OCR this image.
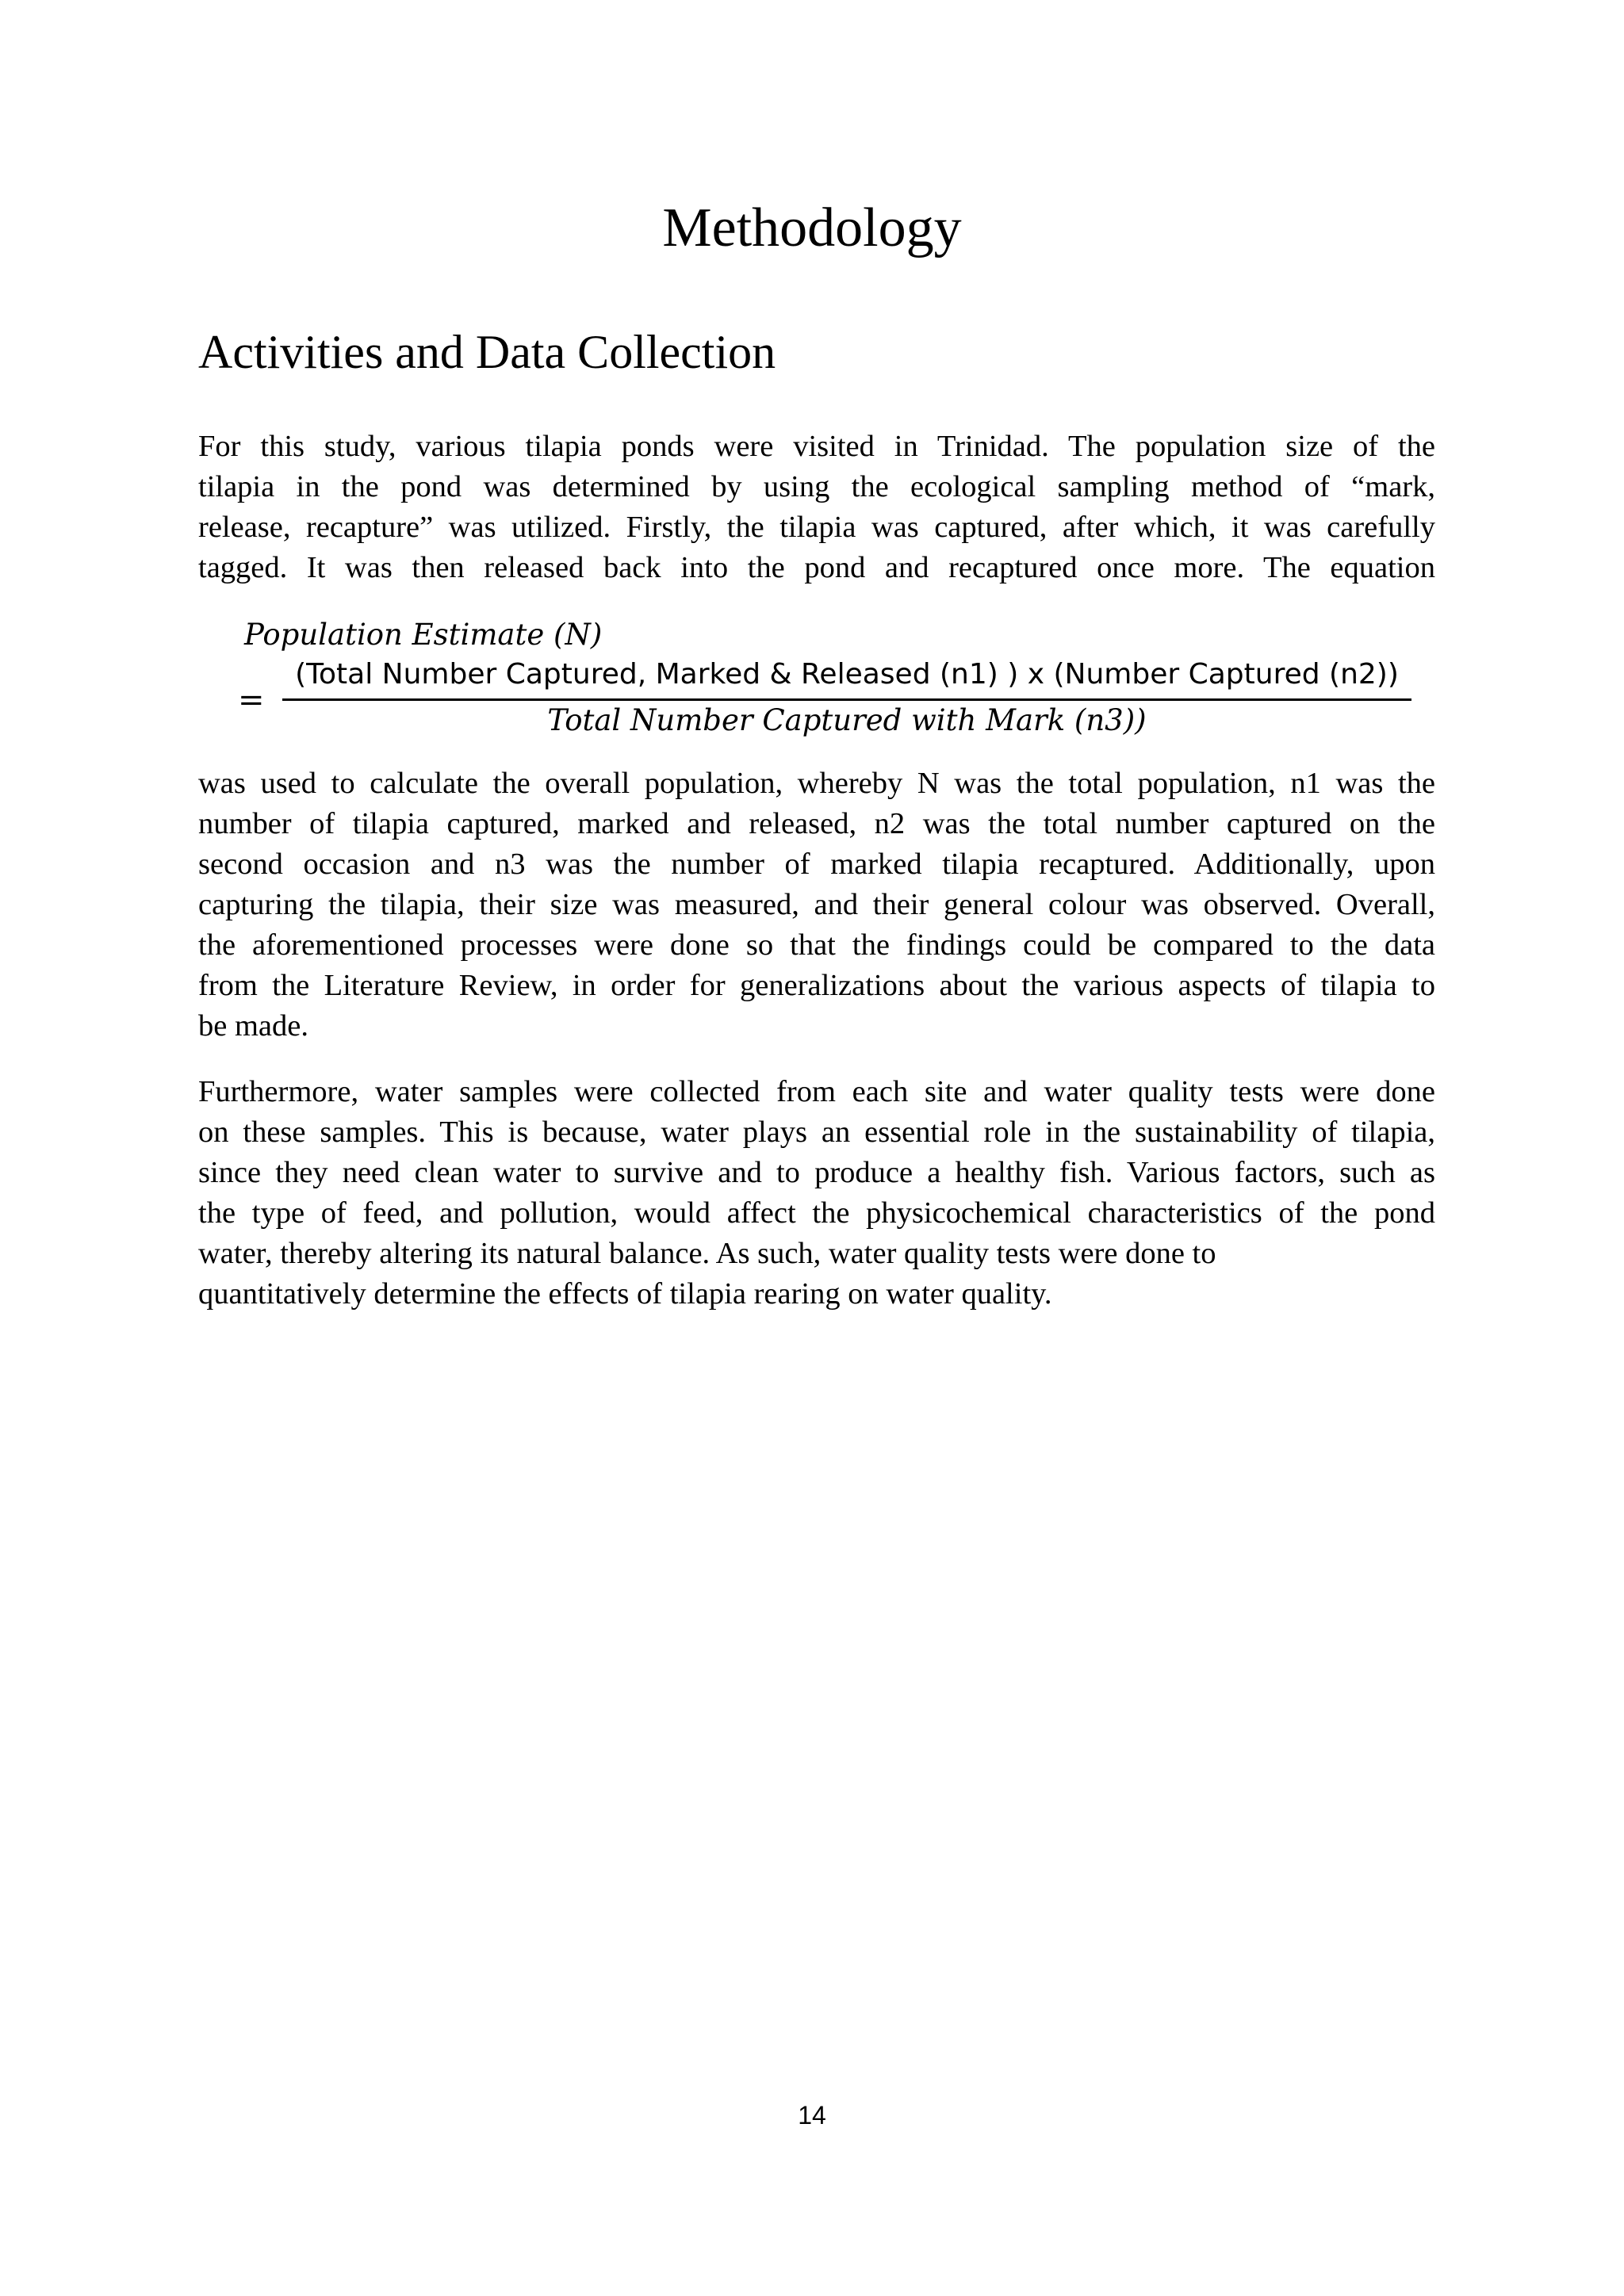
Methodology
Activities and Data Collection
For this study, various tilapia ponds were visited in Trinidad. The population size of the
tilapia in the pond was determined by using the ecological sampling method of “mark,
release, recapture” was utilized. Firstly, the tilapia was captured, after which, it was carefully
tagged. It was then released back into the pond and recaptured once more. The equation
Population Estimate (N)
=
(Total Number Captured, Marked & Released (n1) ) x (Number Captured (n2))
Total Number Captured with Mark (n3))
was used to calculate the overall population, whereby N was the total population, n1 was the
number of tilapia captured, marked and released, n2 was the total number captured on the
second occasion and n3 was the number of marked tilapia recaptured. Additionally, upon
capturing the tilapia, their size was measured, and their general colour was observed. Overall,
the aforementioned processes were done so that the findings could be compared to the data
from the Literature Review, in order for generalizations about the various aspects of tilapia to
be made.
Furthermore, water samples were collected from each site and water quality tests were done
on these samples. This is because, water plays an essential role in the sustainability of tilapia,
since they need clean water to survive and to produce a healthy fish. Various factors, such as
the type of feed, and pollution, would affect the physicochemical characteristics of the pond
water, thereby altering its natural balance. As such, water quality tests were done to
quantitatively determine the effects of tilapia rearing on water quality.
14
